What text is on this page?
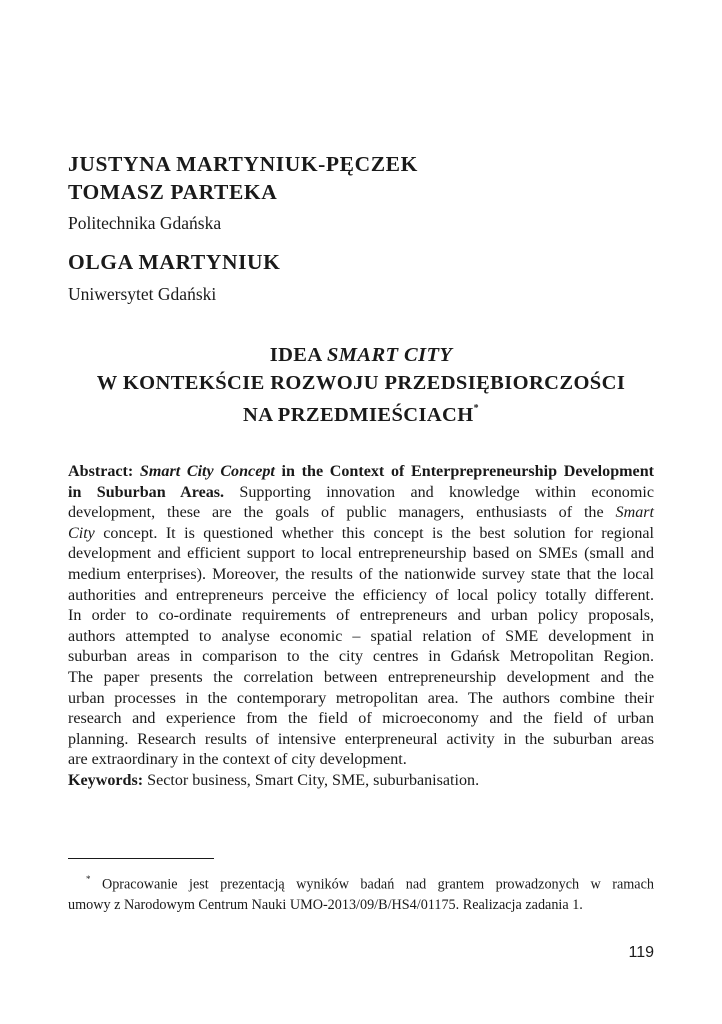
JUSTYNA MARTYNIUK-PĘCZEK
TOMASZ PARTEKA
Politechnika Gdańska
OLGA MARTYNIUK
Uniwersytet Gdański
IDEA SMART CITY
W KONTEKŚCIE ROZWOJU PRZEDSIĘBIORCZOŚCI
NA PRZEDMIEŚCIACH*
Abstract: Smart City Concept in the Context of Enterprepreneurship Development
in Suburban Areas. Supporting innovation and knowledge within economic
development, these are the goals of public managers, enthusiasts of the Smart
City concept. It is questioned whether this concept is the best solution for regional
development and efficient support to local entrepreneurship based on SMEs (small and
medium enterprises). Moreover, the results of the nationwide survey state that the local
authorities and entrepreneurs perceive the efficiency of local policy totally different.
In order to co-ordinate requirements of entrepreneurs and urban policy proposals,
authors attempted to analyse economic – spatial relation of SME development in
suburban areas in comparison to the city centres in Gdańsk Metropolitan Region.
The paper presents the correlation between entrepreneurship development and the
urban processes in the contemporary metropolitan area. The authors combine their
research and experience from the field of microeconomy and the field of urban
planning. Research results of intensive enterpreneural activity in the suburban areas
are extraordinary in the context of city development.
Keywords: Sector business, Smart City, SME, suburbanisation.
* Opracowanie jest prezentacją wyników badań nad grantem prowadzonych w ramach
umowy z Narodowym Centrum Nauki UMO-2013/09/B/HS4/01175. Realizacja zadania 1.
119
